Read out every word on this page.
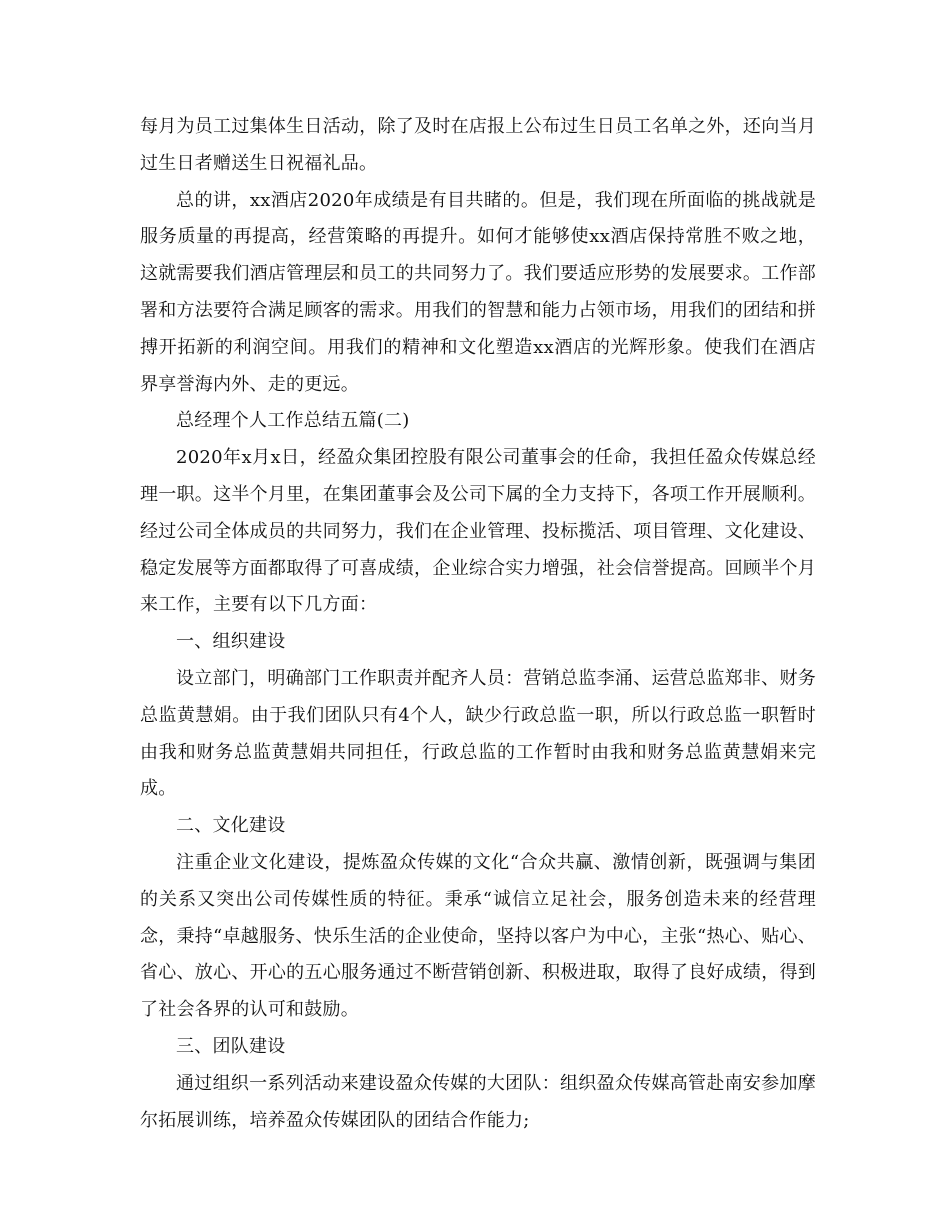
每月为员工过集体生日活动，除了及时在店报上公布过生日员工名单之外，还向当月过生日者赠送生日祝福礼品。

总的讲，xx酒店2020年成绩是有目共睹的。但是，我们现在所面临的挑战就是服务质量的再提高，经营策略的再提升。如何才能够使xx酒店保持常胜不败之地，这就需要我们酒店管理层和员工的共同努力了。我们要适应形势的发展要求。工作部署和方法要符合满足顾客的需求。用我们的智慧和能力占领市场，用我们的团结和拼搏开拓新的利润空间。用我们的精神和文化塑造xx酒店的光辉形象。使我们在酒店界享誉海内外、走的更远。

总经理个人工作总结五篇(二)

2020年x月x日，经盈众集团控股有限公司董事会的任命，我担任盈众传媒总经理一职。这半个月里，在集团董事会及公司下属的全力支持下，各项工作开展顺利。经过公司全体成员的共同努力，我们在企业管理、投标揽活、项目管理、文化建设、稳定发展等方面都取得了可喜成绩，企业综合实力增强，社会信誉提高。回顾半个月来工作，主要有以下几方面：

一、组织建设

设立部门，明确部门工作职责并配齐人员：营销总监李涌、运营总监郑非、财务总监黄慧娟。由于我们团队只有4个人，缺少行政总监一职，所以行政总监一职暂时由我和财务总监黄慧娟共同担任，行政总监的工作暂时由我和财务总监黄慧娟来完成。

二、文化建设

注重企业文化建设，提炼盈众传媒的文化“合众共赢、激情创新，既强调与集团的关系又突出公司传媒性质的特征。秉承“诚信立足社会，服务创造未来的经营理念，秉持“卓越服务、快乐生活的企业使命，坚持以客户为中心，主张“热心、贴心、省心、放心、开心的五心服务通过不断营销创新、积极进取，取得了良好成绩，得到了社会各界的认可和鼓励。

三、团队建设

通过组织一系列活动来建设盈众传媒的大团队：组织盈众传媒高管赴南安参加摩尔拓展训练，培养盈众传媒团队的团结合作能力;
